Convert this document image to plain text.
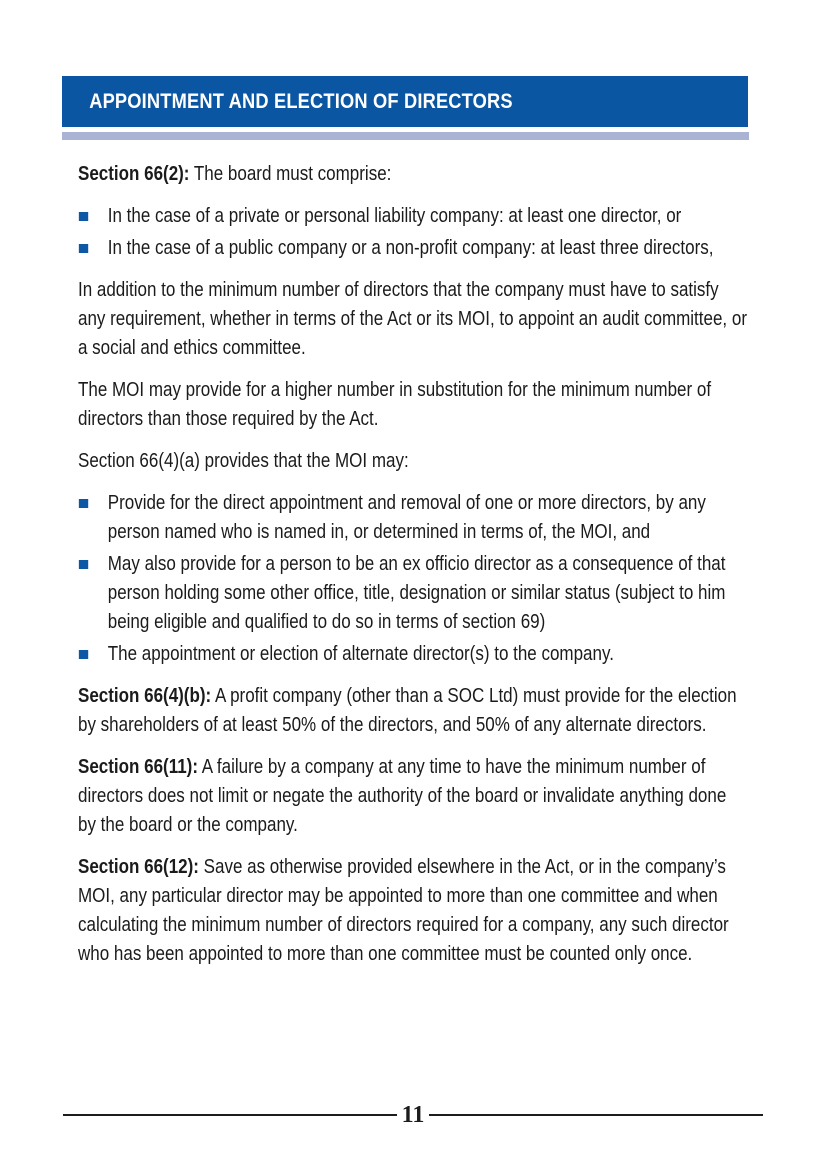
APPOINTMENT AND ELECTION OF DIRECTORS

Section 66(2): The board must comprise:

In the case of a private or personal liability company: at least one director, or
In the case of a public company or a non-profit company: at least three directors,

In addition to the minimum number of directors that the company must have to satisfy any requirement, whether in terms of the Act or its MOI, to appoint an audit committee, or a social and ethics committee.

The MOI may provide for a higher number in substitution for the minimum number of directors than those required by the Act.

Section 66(4)(a) provides that the MOI may:

Provide for the direct appointment and removal of one or more directors, by any person named who is named in, or determined in terms of, the MOI, and
May also provide for a person to be an ex officio director as a consequence of that person holding some other office, title, designation or similar status (subject to him being eligible and qualified to do so in terms of section 69)
The appointment or election of alternate director(s) to the company.

Section 66(4)(b): A profit company (other than a SOC Ltd) must provide for the election by shareholders of at least 50% of the directors, and 50% of any alternate directors.

Section 66(11): A failure by a company at any time to have the minimum number of directors does not limit or negate the authority of the board or invalidate anything done by the board or the company.

Section 66(12): Save as otherwise provided elsewhere in the Act, or in the company’s MOI, any particular director may be appointed to more than one committee and when calculating the minimum number of directors required for a company, any such director who has been appointed to more than one committee must be counted only once.

11
